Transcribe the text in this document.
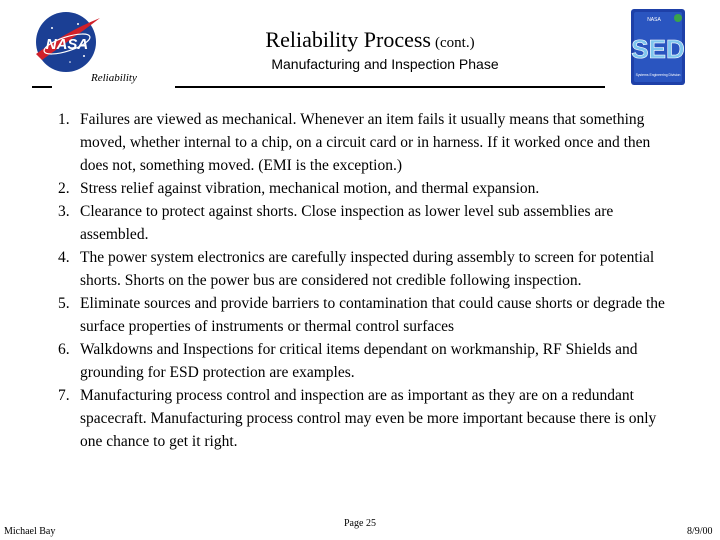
NASA
NASA
SED
Systems Engineering Division
Reliability Process (cont.)
Manufacturing and Inspection Phase
Reliability
1. Failures are viewed as mechanical. Whenever an item fails it usually means that something moved, whether internal to a chip, on a circuit card or in harness. If it worked once and then does not, something moved. (EMI is the exception.)
2. Stress relief against vibration, mechanical motion, and thermal expansion.
3. Clearance to protect against shorts. Close inspection as lower level sub assemblies are assembled.
4. The power system electronics are carefully inspected during assembly to screen for potential shorts. Shorts on the power bus are considered not credible following inspection.
5. Eliminate sources and provide barriers to contamination that could cause shorts or degrade the surface properties of instruments or thermal control surfaces
6. Walkdowns and Inspections for critical items dependant on workmanship, RF Shields and grounding for ESD protection are examples.
7. Manufacturing process control and inspection are as important as they are on a redundant spacecraft. Manufacturing process control may even be more important because there is only one chance to get it right.
Michael Bay
Page 25
8/9/00
